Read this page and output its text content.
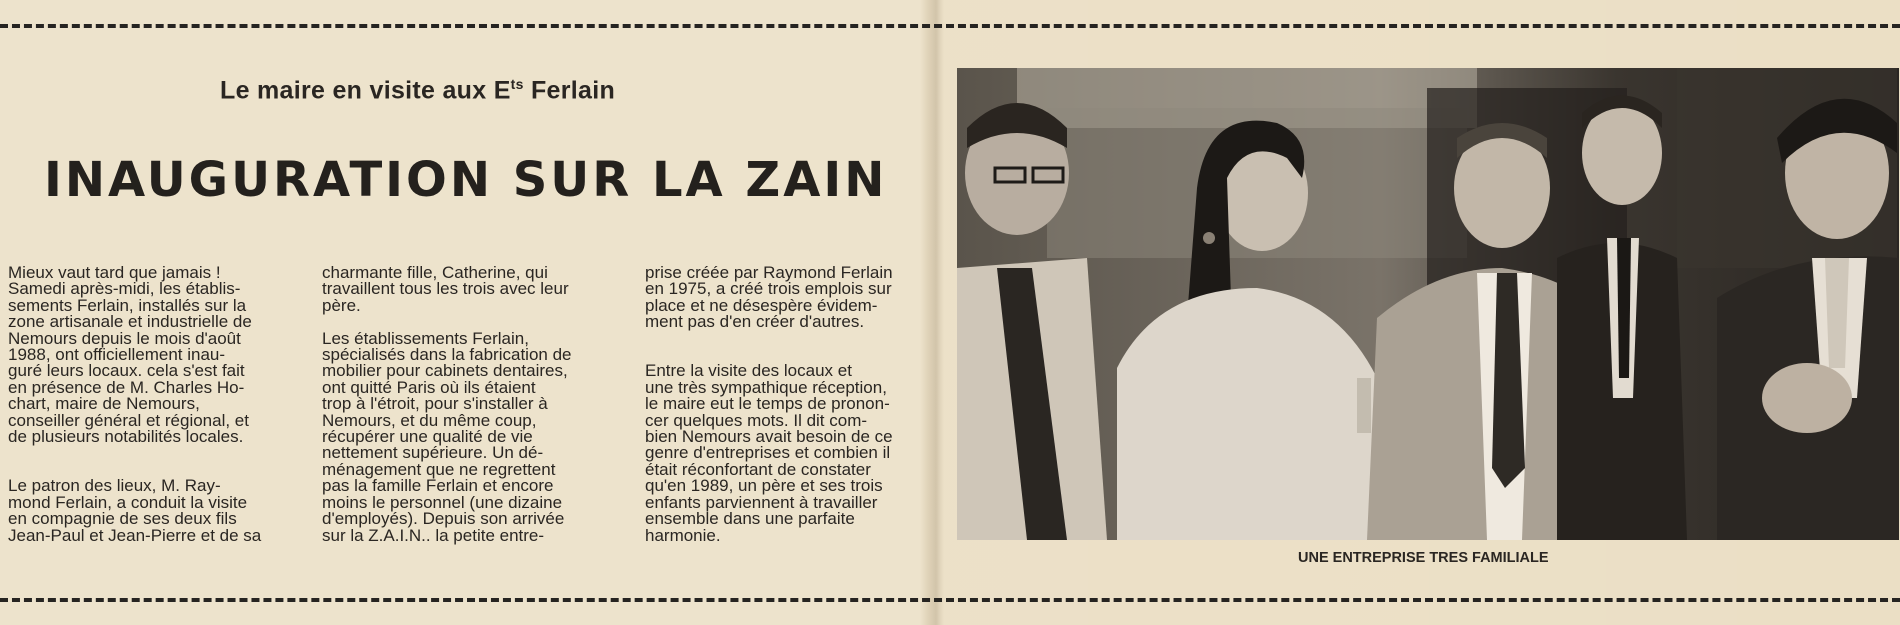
Le maire en visite aux $E^{ts}$ Ferlain
INAUGURATION SUR LA ZAIN
Mieux vaut tard que jamais !
Samedi après-midi, les établis-
sements Ferlain, installés sur la
zone artisanale et industrielle de
Nemours depuis le mois d'août
1988, ont officiellement inau-
guré leurs locaux. cela s'est fait
en présence de M. Charles Ho-
chart, maire de Nemours,
conseiller général et régional, et
de plusieurs notabilités locales.

Le patron des lieux, M. Ray-
mond Ferlain, a conduit la visite
en compagnie de ses deux fils
Jean-Paul et Jean-Pierre et de sa
charmante fille, Catherine, qui
travaillent tous les trois avec leur
père.

Les établissements Ferlain,
spécialisés dans la fabrication de
mobilier pour cabinets dentaires,
ont quitté Paris où ils étaient
trop à l'étroit, pour s'installer à
Nemours, et du même coup,
récupérer une qualité de vie
nettement supérieure. Un dé-
ménagement que ne regrettent
pas la famille Ferlain et encore
moins le personnel (une dizaine
d'employés). Depuis son arrivée
sur la Z.A.I.N.. la petite entre-
prise créée par Raymond Ferlain
en 1975, a créé trois emplois sur
place et ne désespère évidem-
ment pas d'en créer d'autres.

Entre la visite des locaux et
une très sympathique réception,
le maire eut le temps de pronon-
cer quelques mots. Il dit com-
bien Nemours avait besoin de ce
genre d'entreprises et combien il
était réconfortant de constater
qu'en 1989, un père et ses trois
enfants parviennent à travailler
ensemble dans une parfaite
harmonie.
UNE ENTREPRISE TRES FAMILIALE
